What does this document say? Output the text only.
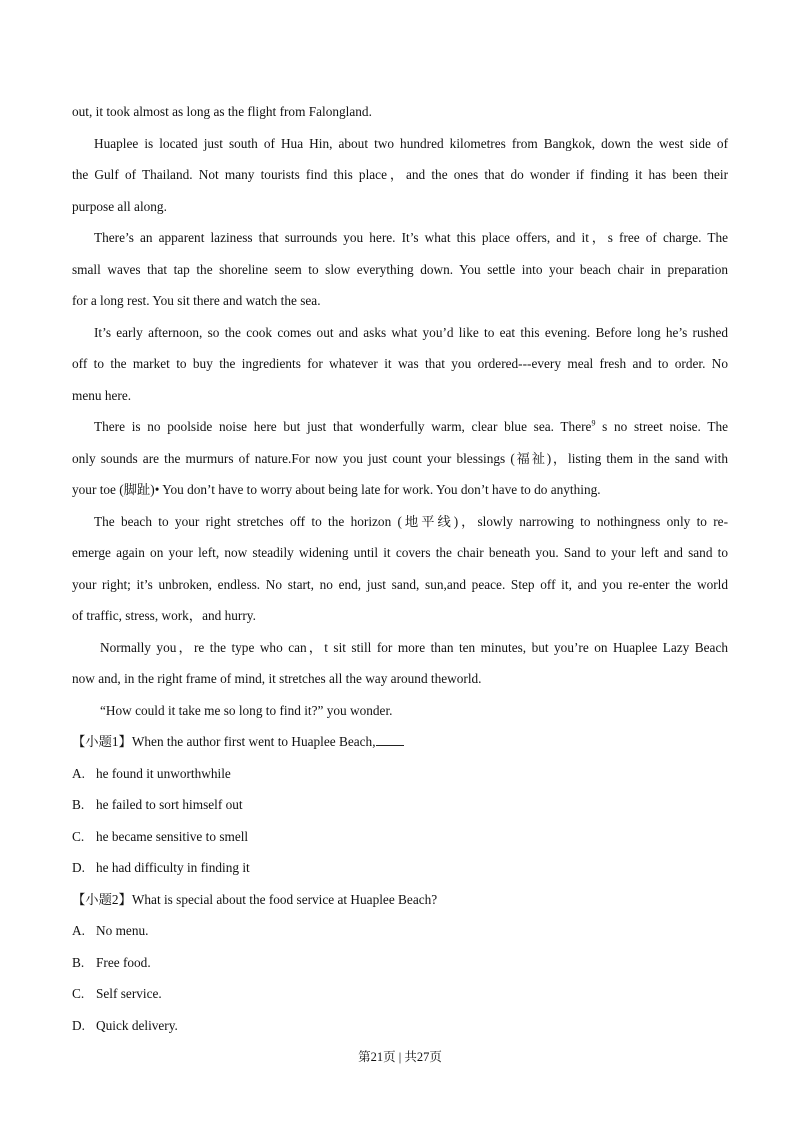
out, it took almost as long as the flight from Falongland.
Huaplee is located just south of Hua Hin, about two hundred kilometres from Bangkok, down the west side of
the Gulf of Thailand. Not many tourists find this place，and the ones that do wonder if finding it has been their
purpose all along.
There’s an apparent laziness that surrounds you here. It’s what this place offers, and it，s free of charge. The
small waves that tap the shoreline seem to slow everything down. You settle into your beach chair in preparation
for a long rest. You sit there and watch the sea.
It’s early afternoon, so the cook comes out and asks what you’d like to eat this evening. Before long he’s rushed
off to the market to buy the ingredients for whatever it was that you ordered---every meal fresh and to order. No
menu here.
There is no poolside noise here but just that wonderfully warm, clear blue sea. There$^9$ s no street noise. The
only sounds are the murmurs of nature.For now you just count your blessings (福祉)，listing them in the sand with
your toe (脚趾)• You don’t have to worry about being late for work. You don’t have to do anything.
The beach to your right stretches off to the horizon (地平线)，slowly narrowing to nothingness only to re-
emerge again on your left, now steadily widening until it covers the chair beneath you. Sand to your left and sand to
your right; it’s unbroken, endless. No start, no end, just sand, sun,and peace. Step off it, and you re-enter the world
of traffic, stress, work，and hurry.
Normally you，re the type who can，t sit still for more than ten minutes, but you’re on Huaplee Lazy Beach
now and, in the right frame of mind, it stretches all the way around theworld.
“How could it take me so long to find it?” you wonder.
【小题1】When the author first went to Huaplee Beach,
A. he found it unworthwhile
B. he failed to sort himself out
C. he became sensitive to smell
D. he had difficulty in finding it
【小题2】What is special about the food service at Huaplee Beach?
A. No menu.
B. Free food.
C. Self service.
D. Quick delivery.
第21页 | 共27页
